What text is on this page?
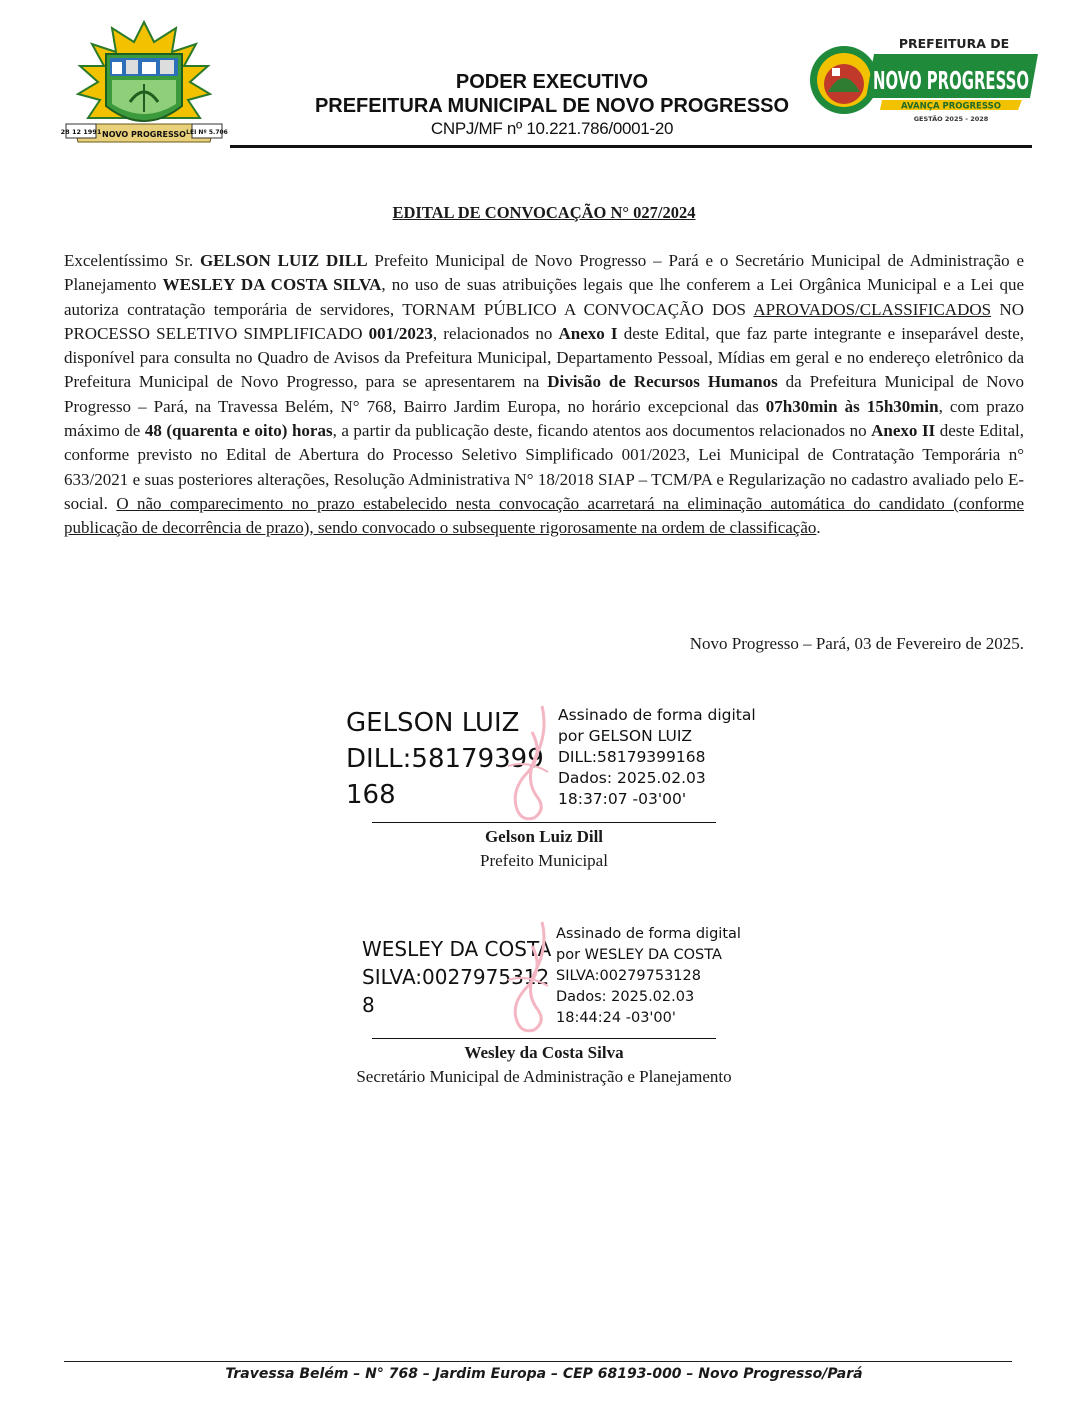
28 12 1991 NOVO PROGRESSO LEI Nº 5.706
PODER EXECUTIVO
PREFEITURA MUNICIPAL DE NOVO PROGRESSO
CNPJ/MF nº 10.221.786/0001-20
PREFEITURA DE
NOVO PROGRESSO
AVANÇA PROGRESSO
GESTÃO 2025 - 2028
EDITAL DE CONVOCAÇÃO N° 027/2024
Excelentíssimo Sr. GELSON LUIZ DILL Prefeito Municipal de Novo Progresso – Pará e o Secretário Municipal de Administração e Planejamento WESLEY DA COSTA SILVA, no uso de suas atribuições legais que lhe conferem a Lei Orgânica Municipal e a Lei que autoriza contratação temporária de servidores, TORNAM PÚBLICO A CONVOCAÇÃO DOS APROVADOS/CLASSIFICADOS NO PROCESSO SELETIVO SIMPLIFICADO 001/2023, relacionados no Anexo I deste Edital, que faz parte integrante e inseparável deste, disponível para consulta no Quadro de Avisos da Prefeitura Municipal, Departamento Pessoal, Mídias em geral e no endereço eletrônico da Prefeitura Municipal de Novo Progresso, para se apresentarem na Divisão de Recursos Humanos da Prefeitura Municipal de Novo Progresso – Pará, na Travessa Belém, N° 768, Bairro Jardim Europa, no horário excepcional das 07h30min às 15h30min, com prazo máximo de 48 (quarenta e oito) horas, a partir da publicação deste, ficando atentos aos documentos relacionados no Anexo II deste Edital, conforme previsto no Edital de Abertura do Processo Seletivo Simplificado 001/2023, Lei Municipal de Contratação Temporária n° 633/2021 e suas posteriores alterações, Resolução Administrativa N° 18/2018 SIAP – TCM/PA e Regularização no cadastro avaliado pelo E-social. O não comparecimento no prazo estabelecido nesta convocação acarretará na eliminação automática do candidato (conforme publicação de decorrência de prazo), sendo convocado o subsequente rigorosamente na ordem de classificação.
Novo Progresso – Pará, 03 de Fevereiro de 2025.
GELSON LUIZ
DILL:58179399
168
Assinado de forma digital
por GELSON LUIZ
DILL:58179399168
Dados: 2025.02.03
18:37:07 -03'00'
Gelson Luiz Dill
Prefeito Municipal
WESLEY DA COSTA
SILVA:0027975312
8
Assinado de forma digital
por WESLEY DA COSTA
SILVA:00279753128
Dados: 2025.02.03
18:44:24 -03'00'
Wesley da Costa Silva
Secretário Municipal de Administração e Planejamento
Travessa Belém – N° 768 – Jardim Europa – CEP 68193-000 – Novo Progresso/Pará
